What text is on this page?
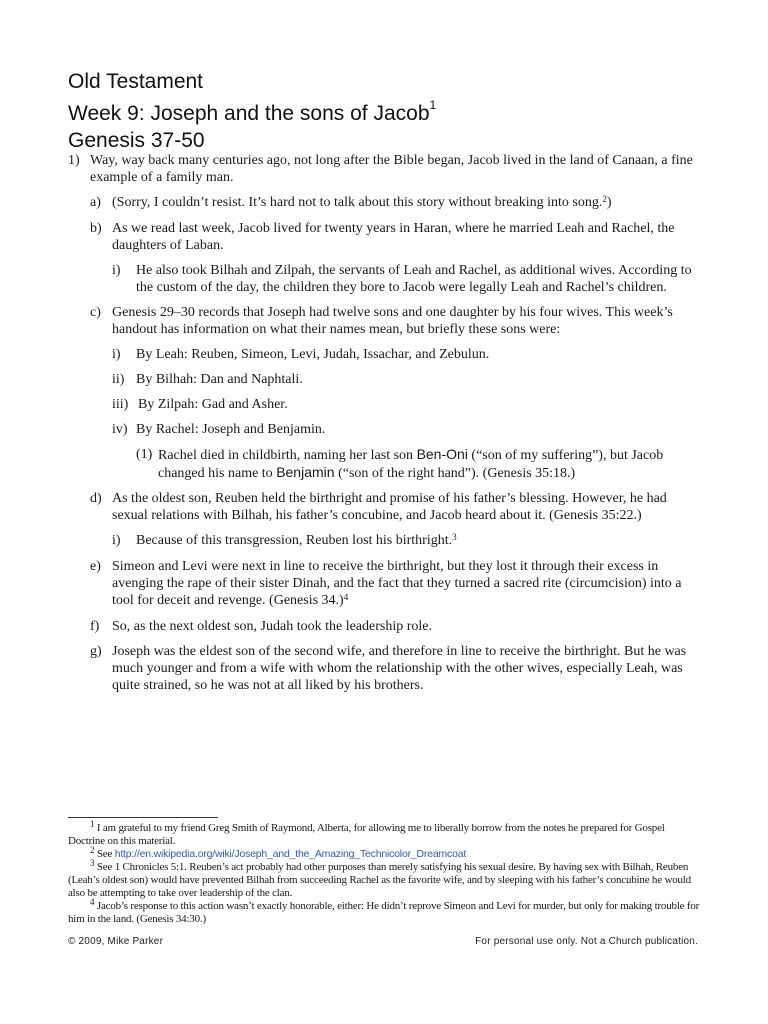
Old Testament
Week 9: Joseph and the sons of Jacob$^1$
Genesis 37-50
1) Way, way back many centuries ago, not long after the Bible began, Jacob lived in the land of Canaan, a fine example of a family man.
a) (Sorry, I couldn’t resist. It’s hard not to talk about this story without breaking into song.$^2$)
b) As we read last week, Jacob lived for twenty years in Haran, where he married Leah and Rachel, the daughters of Laban.
i)	He also took Bilhah and Zilpah, the servants of Leah and Rachel, as additional wives. According to the custom of the day, the children they bore to Jacob were legally Leah and Rachel’s children.
c) Genesis 29–30 records that Joseph had twelve sons and one daughter by his four wives. This week’s handout has information on what their names mean, but briefly these sons were:
i)	By Leah: Reuben, Simeon, Levi, Judah, Issachar, and Zebulun.
ii) By Bilhah: Dan and Naphtali.
iii) By Zilpah: Gad and Asher.
iv) By Rachel: Joseph and Benjamin.
(1) Rachel died in childbirth, naming her last son Ben-Oni (“son of my suffering”), but Jacob changed his name to Benjamin (“son of the right hand”). (Genesis 35:18.)
d) As the oldest son, Reuben held the birthright and promise of his father’s blessing. However, he had sexual relations with Bilhah, his father’s concubine, and Jacob heard about it. (Genesis 35:22.)
i)	Because of this transgression, Reuben lost his birthright.$^3$
e) Simeon and Levi were next in line to receive the birthright, but they lost it through their excess in avenging the rape of their sister Dinah, and the fact that they turned a sacred rite (circumcision) into a tool for deceit and revenge. (Genesis 34.)$^4$
f) So, as the next oldest son, Judah took the leadership role.
g) Joseph was the eldest son of the second wife, and therefore in line to receive the birthright. But he was much younger and from a wife with whom the relationship with the other wives, especially Leah, was quite strained, so he was not at all liked by his brothers.

$^1$ I am grateful to my friend Greg Smith of Raymond, Alberta, for allowing me to liberally borrow from the notes he prepared for Gospel Doctrine on this material.

$^2$ See http://en.wikipedia.org/wiki/Joseph_and_the_Amazing_Technicolor_Dreamcoat

$^3$ See 1 Chronicles 5:1. Reuben’s act probably had other purposes than merely satisfying his sexual desire. By having sex with Bilhah, Reuben (Leah’s oldest son) would have prevented Bilhah from succeeding Rachel as the favorite wife, and by sleeping with his father’s concubine he would also be attempting to take over leadership of the clan.

$^4$ Jacob’s response to this action wasn’t exactly honorable, either: He didn’t reprove Simeon and Levi for murder, but only for making trouble for him in the land. (Genesis 34:30.)

© 2009, Mike Parker	For personal use only. Not a Church publication.
